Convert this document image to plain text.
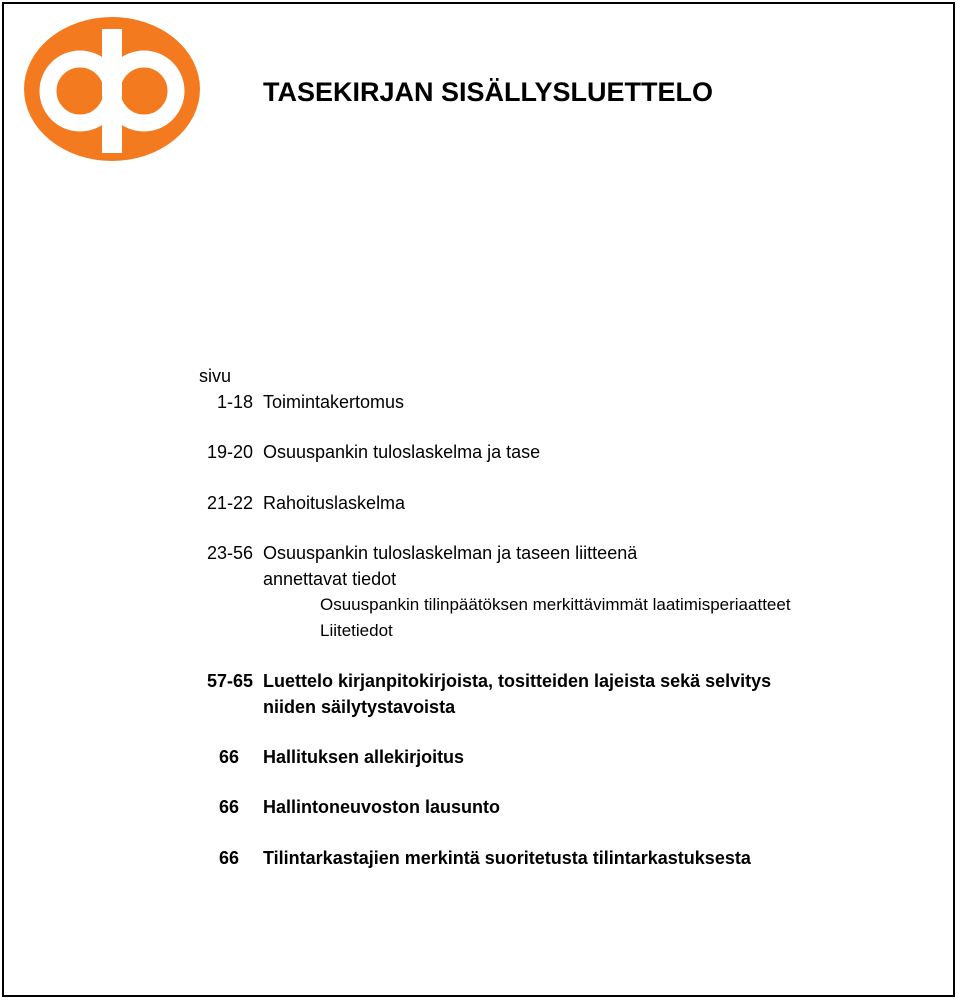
TASEKIRJAN SISÄLLYSLUETTELO
sivu
1-18 Toimintakertomus
19-20 Osuuspankin tuloslaskelma ja tase
21-22 Rahoituslaskelma
23-56 Osuuspankin tuloslaskelman ja taseen liitteenä
annettavat tiedot
Osuuspankin tilinpäätöksen merkittävimmät laatimisperiaatteet
Liitetiedot
57-65 Luettelo kirjanpitokirjoista, tositteiden lajeista sekä selvitys
niiden säilytystavoista
66 Hallituksen allekirjoitus
66 Hallintoneuvoston lausunto
66 Tilintarkastajien merkintä suoritetusta tilintarkastuksesta
